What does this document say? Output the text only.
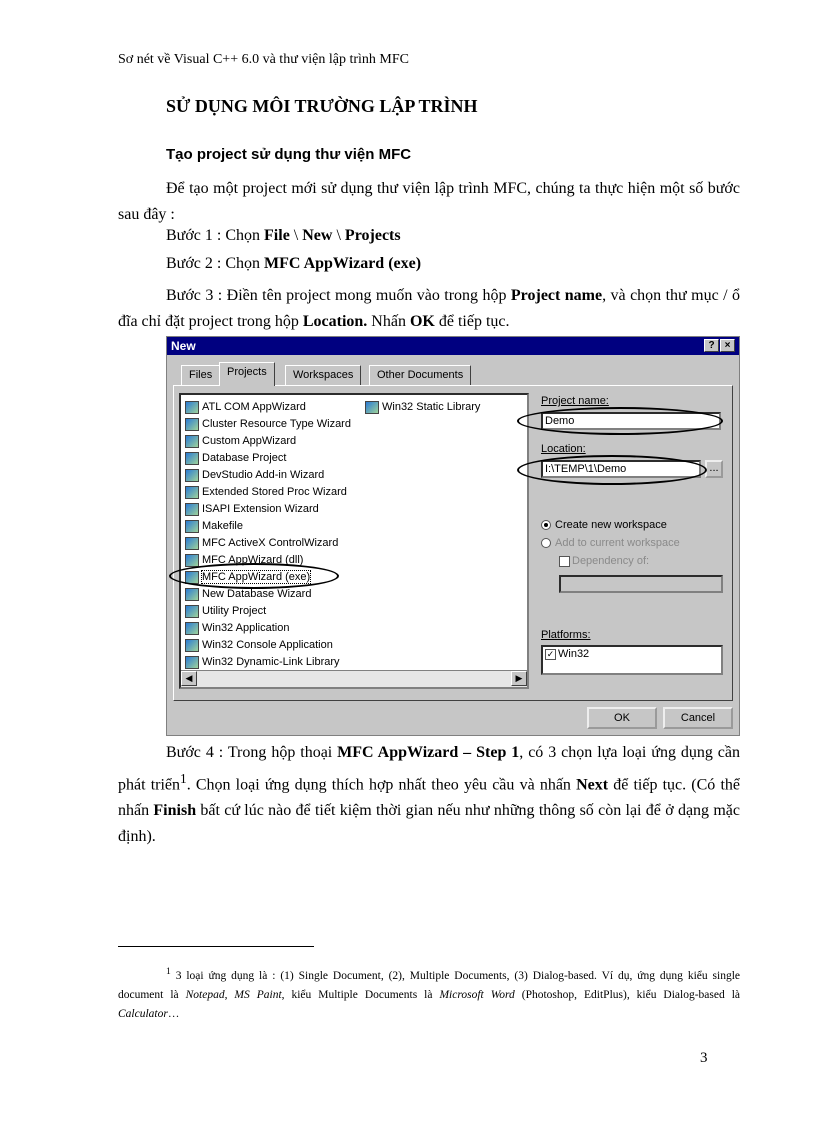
Sơ nét về Visual C++ 6.0 và thư viện lập trình MFC
SỬ DỤNG MÔI TRƯỜNG LẬP TRÌNH
Tạo project sử dụng thư viện MFC
Để tạo một project mới sử dụng thư viện lập trình MFC, chúng ta thực hiện một số bước sau đây :
Bước 1 : Chọn File \ New \ Projects
Bước 2 : Chọn MFC AppWizard (exe)
Bước 3 : Điền tên project mong muốn vào trong hộp Project name, và chọn thư mục / ổ đĩa chỉ đặt project trong hộp Location. Nhấn OK để tiếp tục.
New	?	×
Files	Projects	Workspaces	Other Documents
ATL COM AppWizard
Cluster Resource Type Wizard
Custom AppWizard
Database Project
DevStudio Add-in Wizard
Extended Stored Proc Wizard
ISAPI Extension Wizard
Makefile
MFC ActiveX ControlWizard
MFC AppWizard (dll)
MFC AppWizard (exe)
New Database Wizard
Utility Project
Win32 Application
Win32 Console Application
Win32 Dynamic-Link Library
Win32 Static Library
◀	▶
Project name:
Demo
Location:
I:\TEMP\1\Demo	...
Create new workspace
Add to current workspace
Dependency of:
Platforms:
✓ Win32
OK	Cancel
Bước 4 : Trong hộp thoại MFC AppWizard – Step 1, có 3 chọn lựa loại ứng dụng cần phát triển$^1$. Chọn loại ứng dụng thích hợp nhất theo yêu cầu và nhấn Next để tiếp tục. (Có thể nhấn Finish bất cứ lúc nào để tiết kiệm thời gian nếu như những thông số còn lại để ở dạng mặc định).
$^1$ 3 loại ứng dụng là : (1) Single Document, (2), Multiple Documents, (3) Dialog-based. Ví dụ, ứng dụng kiểu single document là Notepad, MS Paint, kiểu Multiple Documents là Microsoft Word (Photoshop, EditPlus), kiểu Dialog-based là Calculator…
3
